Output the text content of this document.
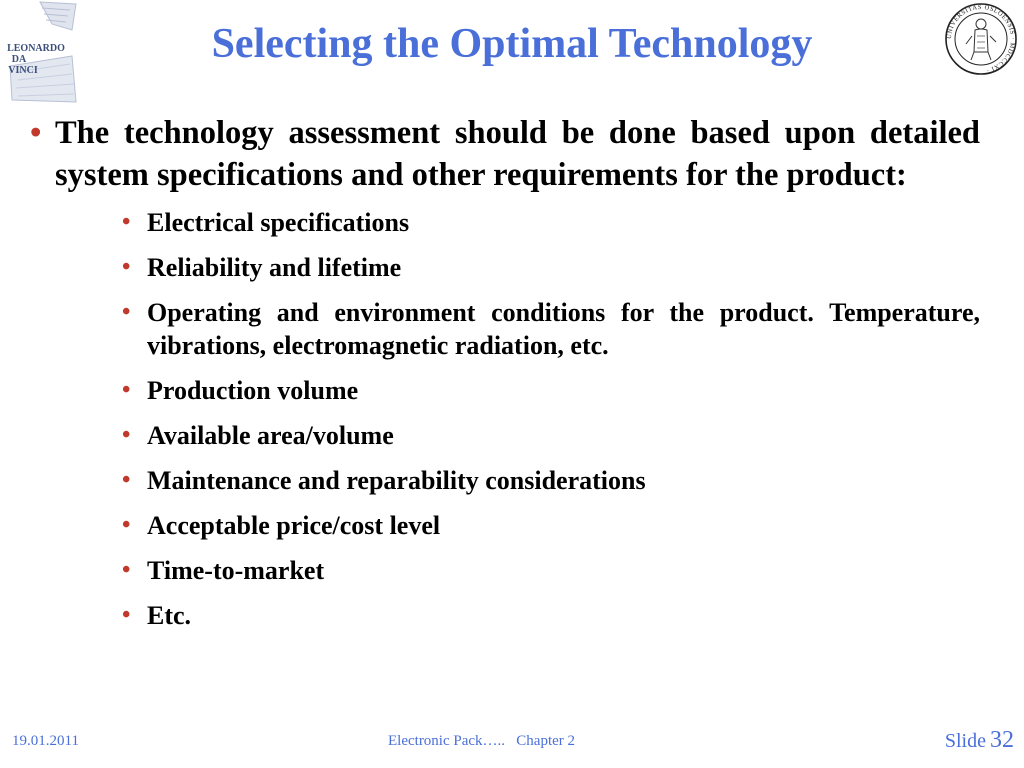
LEONARDO
DA
VINCI
UNIVERSITAS OSLOENSIS · MDCCCXI ·
Selecting the Optimal Technology
• The technology assessment should be done based upon detailed system specifications and other requirements for the product:
• Electrical specifications
• Reliability and lifetime
• Operating and environment conditions for the product. Temperature, vibrations, electromagnetic radiation, etc.
• Production volume
• Available area/volume
• Maintenance and reparability considerations
• Acceptable price/cost level
• Time-to-market
• Etc.
19.01.2011	Electronic Pack…..   Chapter 2	Slide 32
